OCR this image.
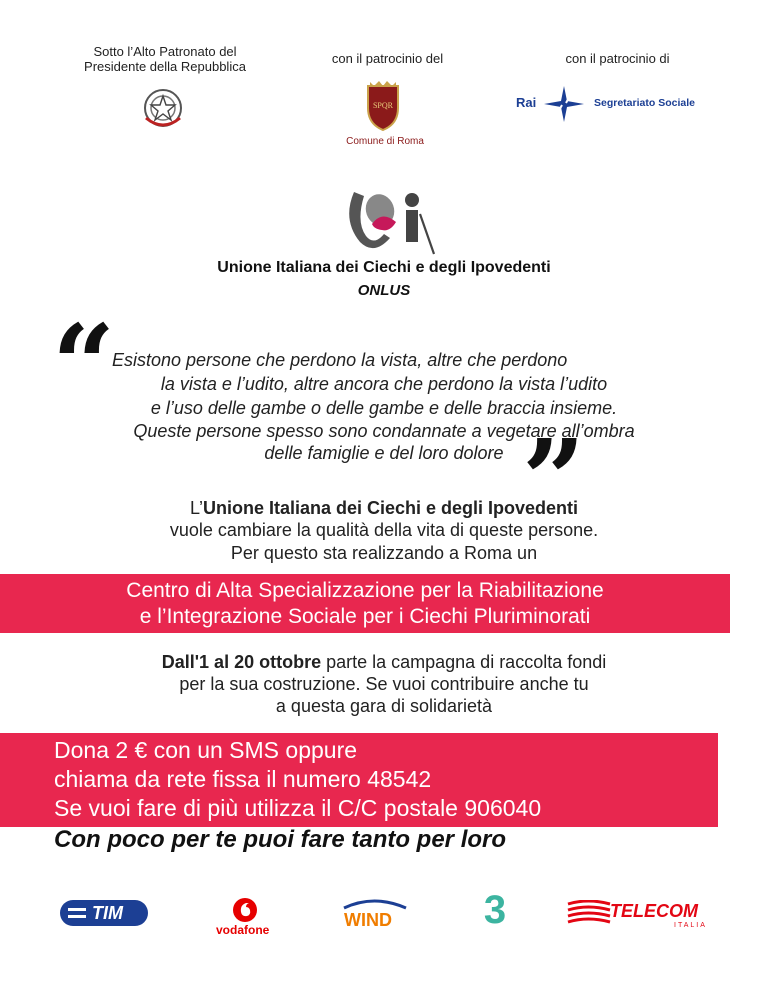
Sotto l’Alto Patronato del
Presidente della Repubblica
con il patrocinio del
SPQR
Comune di Roma
con il patrocinio di
Rai	Segretariato Sociale
Unione Italiana dei Ciechi e degli Ipovedenti
ONLUS
“
Esistono persone che perdono la vista, altre che perdono
la vista e l’udito, altre ancora che perdono la vista l’udito
e l’uso delle gambe o delle gambe e delle braccia insieme.
Queste persone spesso sono condannate a vegetare all’ombra
delle famiglie e del loro dolore ”
L’Unione Italiana dei Ciechi e degli Ipovedenti
vuole cambiare la qualità della vita di queste persone.
Per questo sta realizzando a Roma un
Centro di Alta Specializzazione per la Riabilitazione
e l’Integrazione Sociale per i Ciechi Pluriminorati
Dall'1 al 20 ottobre parte la campagna di raccolta fondi
per la sua costruzione. Se vuoi contribuire anche tu
a questa gara di solidarietà
Dona 2 € con un SMS oppure
chiama da rete fissa il numero 48542
Se vuoi fare di più utilizza il C/C postale 906040
Con poco per te puoi fare tanto per loro
TIM
vodafone	WIND 3	TELECOM
ITALIA
